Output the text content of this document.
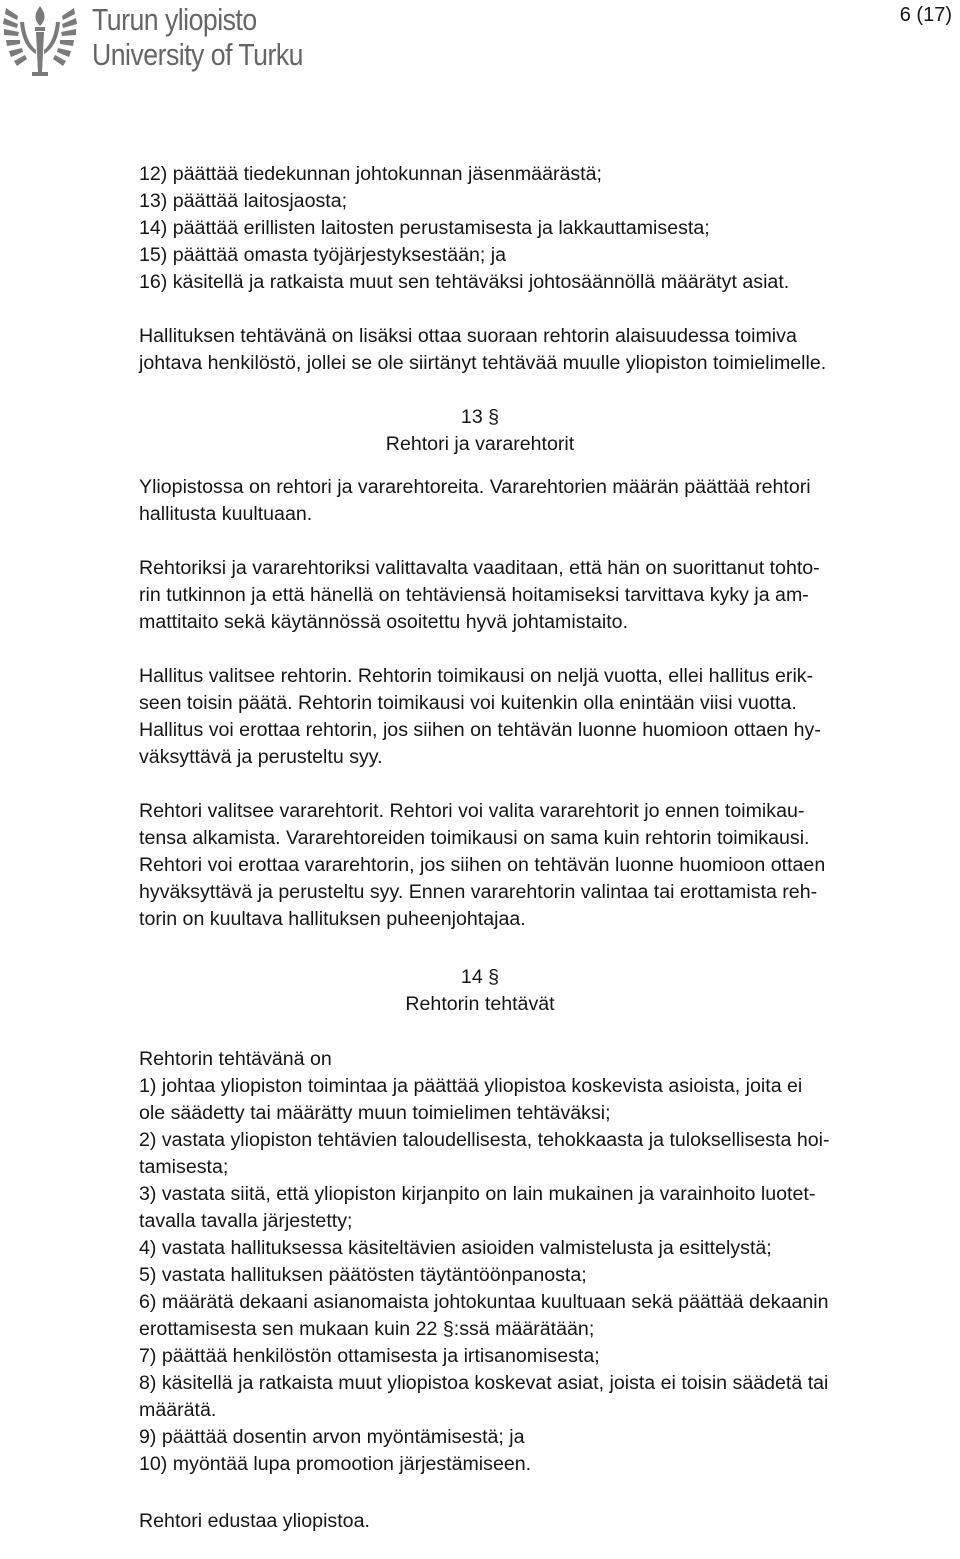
Turun yliopisto
University of Turku
6 (17)

12) päättää tiedekunnan johtokunnan jäsenmäärästä;

13) päättää laitosjaosta;

14) päättää erillisten laitosten perustamisesta ja lakkauttamisesta;

15) päättää omasta työjärjestyksestään; ja

16) käsitellä ja ratkaista muut sen tehtäväksi johtosäännöllä määrätyt asiat.

Hallituksen tehtävänä on lisäksi ottaa suoraan rehtorin alaisuudessa toimiva

johtava henkilöstö, jollei se ole siirtänyt tehtävää muulle yliopiston toimielimelle.

13 §

Rehtori ja vararehtorit

Yliopistossa on rehtori ja vararehtoreita. Vararehtorien määrän päättää rehtori

hallitusta kuultuaan.

Rehtoriksi ja vararehtoriksi valittavalta vaaditaan, että hän on suorittanut tohto-

rin tutkinnon ja että hänellä on tehtäviensä hoitamiseksi tarvittava kyky ja am-

mattitaito sekä käytännössä osoitettu hyvä johtamistaito.

Hallitus valitsee rehtorin. Rehtorin toimikausi on neljä vuotta, ellei hallitus erik-

seen toisin päätä. Rehtorin toimikausi voi kuitenkin olla enintään viisi vuotta.

Hallitus voi erottaa rehtorin, jos siihen on tehtävän luonne huomioon ottaen hy-

väksyttävä ja perusteltu syy.

Rehtori valitsee vararehtorit. Rehtori voi valita vararehtorit jo ennen toimikau-

tensa alkamista. Vararehtoreiden toimikausi on sama kuin rehtorin toimikausi.

Rehtori voi erottaa vararehtorin, jos siihen on tehtävän luonne huomioon ottaen

hyväksyttävä ja perusteltu syy. Ennen vararehtorin valintaa tai erottamista reh-

torin on kuultava hallituksen puheenjohtajaa.

14 §

Rehtorin tehtävät

Rehtorin tehtävänä on

1) johtaa yliopiston toimintaa ja päättää yliopistoa koskevista asioista, joita ei

ole säädetty tai määrätty muun toimielimen tehtäväksi;

2) vastata yliopiston tehtävien taloudellisesta, tehokkaasta ja tuloksellisesta hoi-

tamisesta;

3) vastata siitä, että yliopiston kirjanpito on lain mukainen ja varainhoito luotet-

tavalla tavalla järjestetty;

4) vastata hallituksessa käsiteltävien asioiden valmistelusta ja esittelystä;

5) vastata hallituksen päätösten täytäntöönpanosta;

6) määrätä dekaani asianomaista johtokuntaa kuultuaan sekä päättää dekaanin

erottamisesta sen mukaan kuin 22 §:ssä määrätään;

7) päättää henkilöstön ottamisesta ja irtisanomisesta;

8) käsitellä ja ratkaista muut yliopistoa koskevat asiat, joista ei toisin säädetä tai

määrätä.

9) päättää dosentin arvon myöntämisestä; ja

10) myöntää lupa promootion järjestämiseen.

Rehtori edustaa yliopistoa.
